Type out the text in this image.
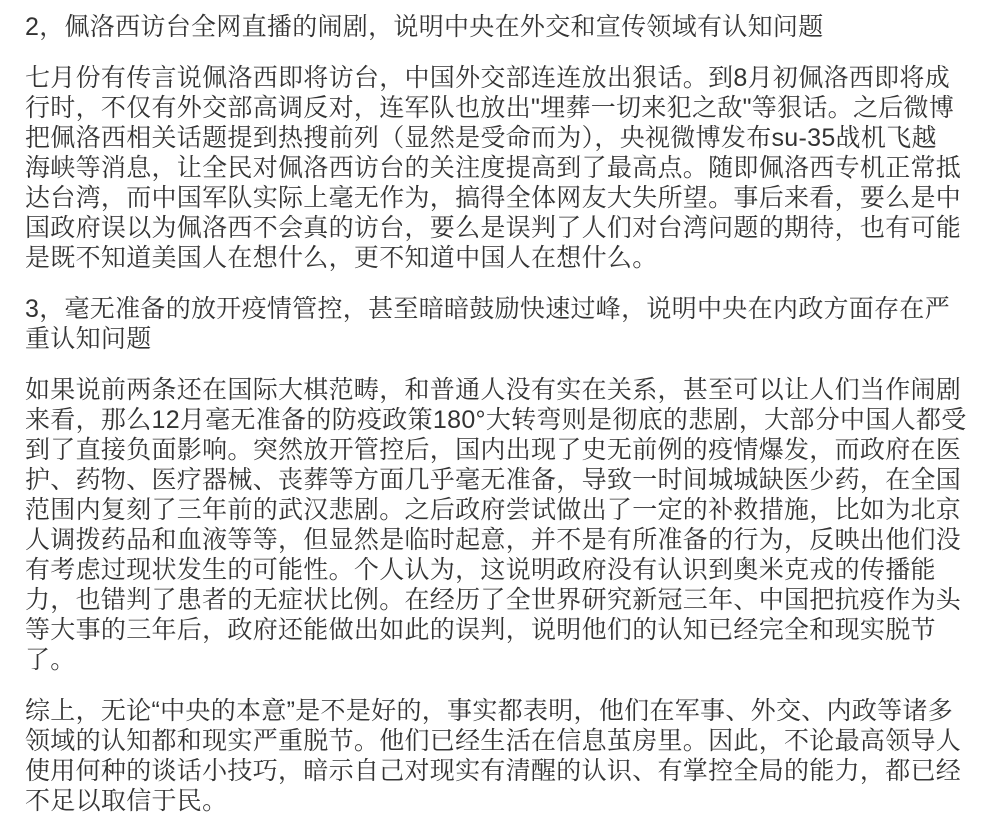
2，佩洛西访台全网直播的闹剧，说明中央在外交和宣传领域有认知问题
七月份有传言说佩洛西即将访台，中国外交部连连放出狠话。到8月初佩洛西即将成
行时，不仅有外交部高调反对，连军队也放出"埋葬一切来犯之敌"等狠话。之后微博
把佩洛西相关话题提到热搜前列（显然是受命而为），央视微博发布su-35战机飞越
海峡等消息，让全民对佩洛西访台的关注度提高到了最高点。随即佩洛西专机正常抵
达台湾，而中国军队实际上毫无作为，搞得全体网友大失所望。事后来看，要么是中
国政府误以为佩洛西不会真的访台，要么是误判了人们对台湾问题的期待，也有可能
是既不知道美国人在想什么，更不知道中国人在想什么。
3，毫无准备的放开疫情管控，甚至暗暗鼓励快速过峰，说明中央在内政方面存在严
重认知问题
如果说前两条还在国际大棋范畴，和普通人没有实在关系，甚至可以让人们当作闹剧
来看，那么12月毫无准备的防疫政策180°大转弯则是彻底的悲剧，大部分中国人都受
到了直接负面影响。突然放开管控后，国内出现了史无前例的疫情爆发，而政府在医
护、药物、医疗器械、丧葬等方面几乎毫无准备，导致一时间城城缺医少药，在全国
范围内复刻了三年前的武汉悲剧。之后政府尝试做出了一定的补救措施，比如为北京
人调拨药品和血液等等，但显然是临时起意，并不是有所准备的行为，反映出他们没
有考虑过现状发生的可能性。个人认为，这说明政府没有认识到奥米克戎的传播能
力，也错判了患者的无症状比例。在经历了全世界研究新冠三年、中国把抗疫作为头
等大事的三年后，政府还能做出如此的误判，说明他们的认知已经完全和现实脱节
了。
综上，无论“中央的本意”是不是好的，事实都表明，他们在军事、外交、内政等诸多
领域的认知都和现实严重脱节。他们已经生活在信息茧房里。因此，不论最高领导人
使用何种的谈话小技巧，暗示自己对现实有清醒的认识、有掌控全局的能力，都已经
不足以取信于民。
